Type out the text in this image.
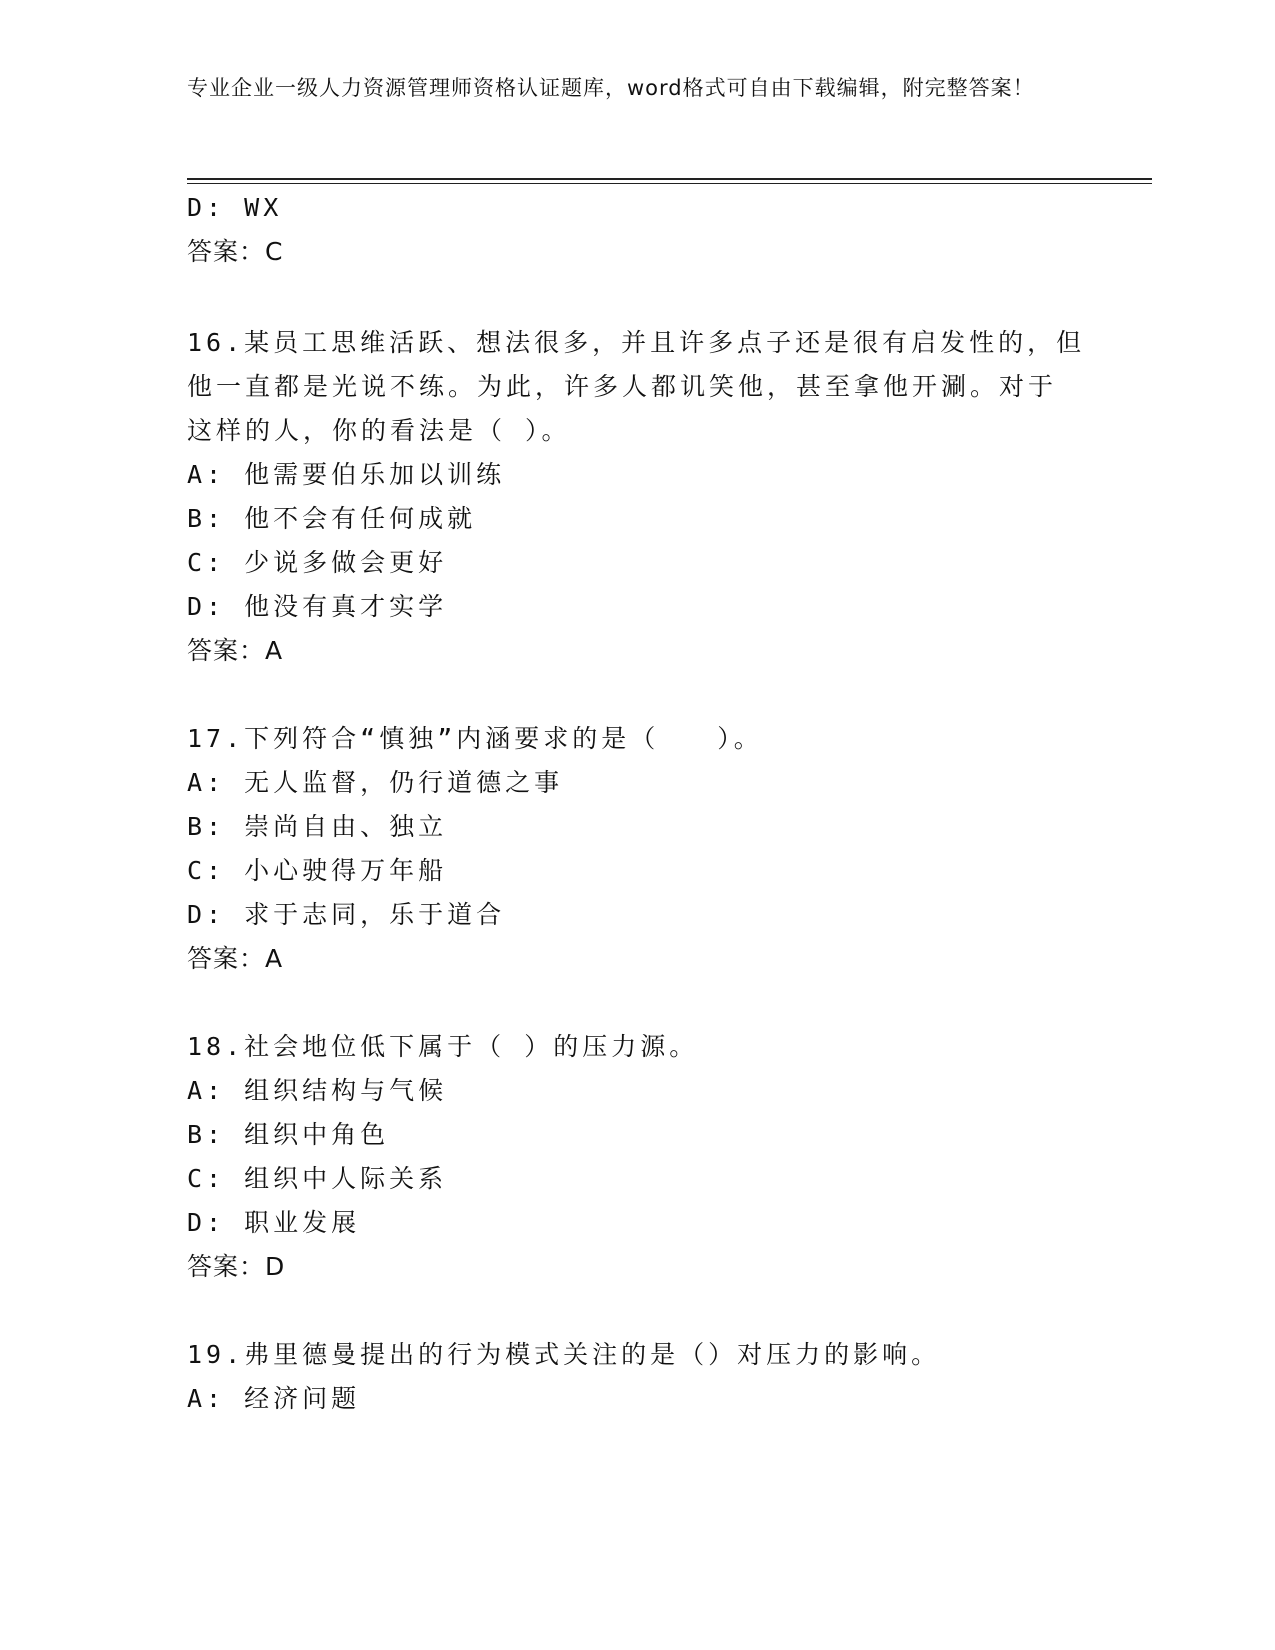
专业企业一级人力资源管理师资格认证题库，word格式可自由下载编辑，附完整答案！
D: WX
答案：C
16.某员工思维活跃、想法很多，并且许多点子还是很有启发性的，但
他一直都是光说不练。为此，许多人都讥笑他，甚至拿他开涮。对于
这样的人，你的看法是（ ）。
A: 他需要伯乐加以训练
B: 他不会有任何成就
C: 少说多做会更好
D: 他没有真才实学
答案：A
17.下列符合“慎独”内涵要求的是（　　）。
A: 无人监督，仍行道德之事
B: 崇尚自由、独立
C: 小心驶得万年船
D: 求于志同，乐于道合
答案：A
18.社会地位低下属于（ ）的压力源。
A: 组织结构与气候
B: 组织中角色
C: 组织中人际关系
D: 职业发展
答案：D
19.弗里德曼提出的行为模式关注的是（）对压力的影响。
A: 经济问题
